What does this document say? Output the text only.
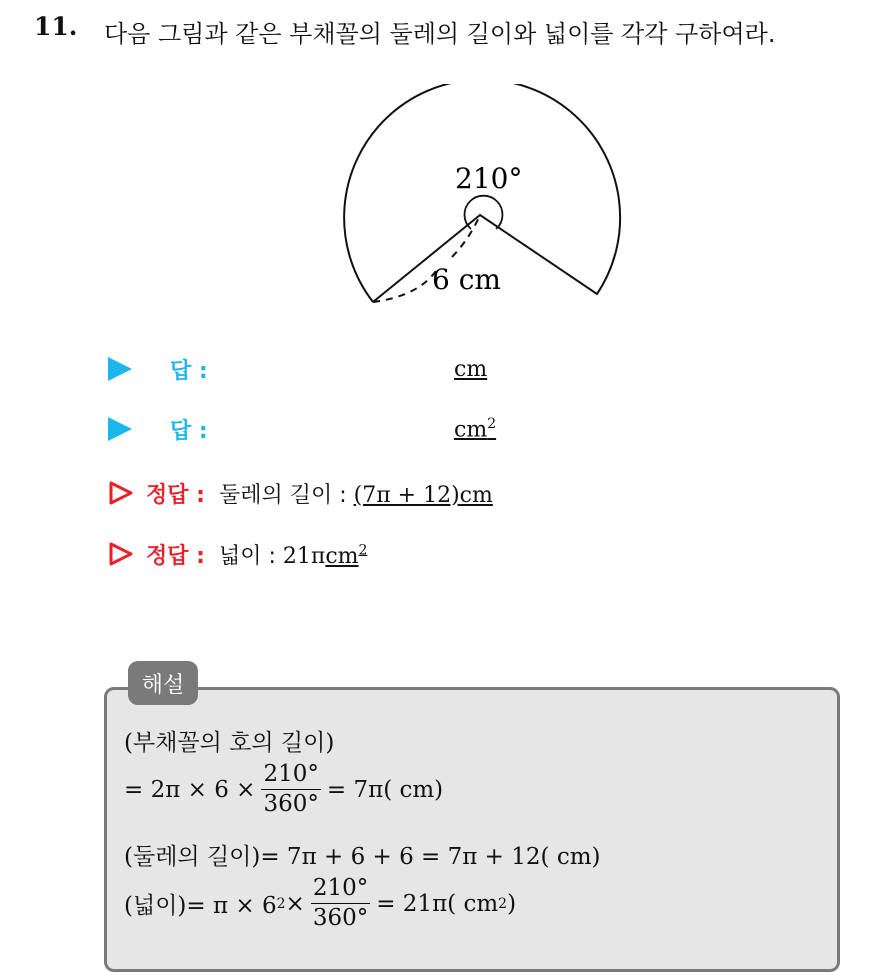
11. 다음 그림과 같은 부채꼴의 둘레의 길이와 넓이를 각각 구하여라.
210°
6 cm
답 :	cm
답 :	$cm^2$
정답 : 둘레의 길이 : (7π + 12)cm
정답 : 넓이 : 21πcm$^2$
해설
(부채꼴의 호의 길이)
= $2\pi \times 6 \times \frac{210^\circ}{360^\circ} = 7\pi$( cm)
(둘레의 길이)= 7π + 6 + 6 = 7π + 12( cm)
(넓이)= π × 6 $2 \times \frac{210^\circ}{360^\circ} = 21\pi$( cm 2 )
